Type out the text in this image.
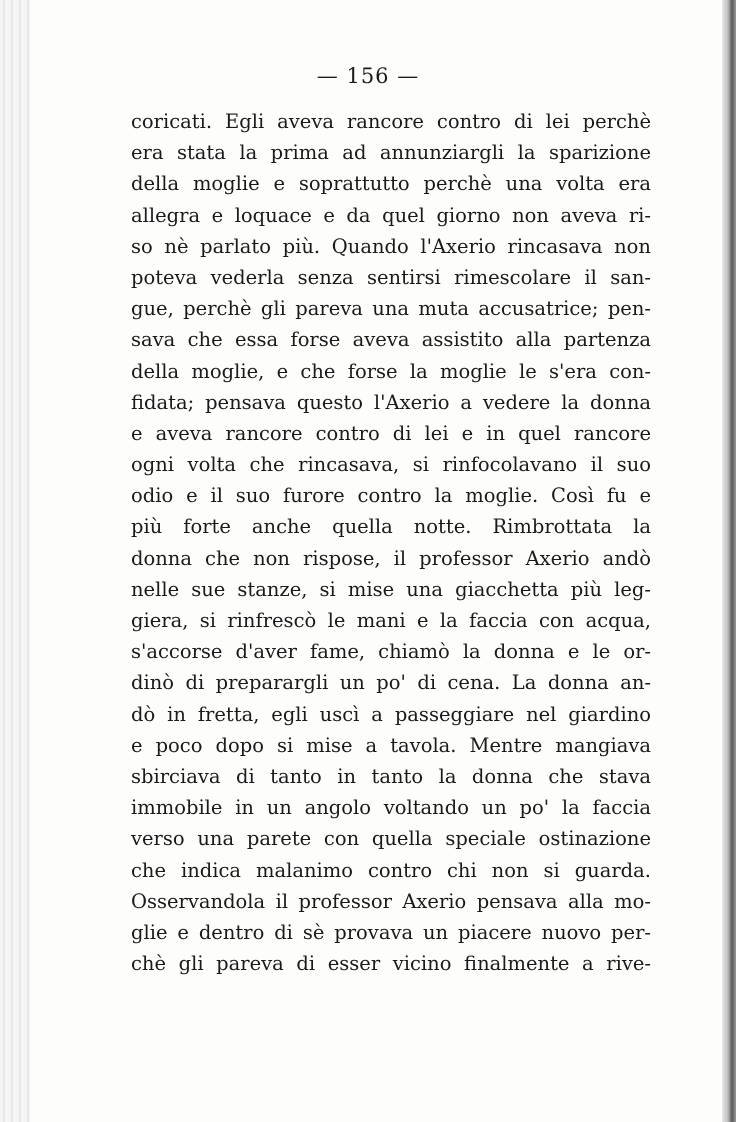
— 156 —
coricati. Egli aveva rancore contro di lei perchè
era stata la prima ad annunziargli la sparizione
della moglie e soprattutto perchè una volta era
allegra e loquace e da quel giorno non aveva ri-
so nè parlato più. Quando l'Axerio rincasava non
poteva vederla senza sentirsi rimescolare il san-
gue, perchè gli pareva una muta accusatrice; pen-
sava che essa forse aveva assistito alla partenza
della moglie, e che forse la moglie le s'era con-
fidata; pensava questo l'Axerio a vedere la donna
e aveva rancore contro di lei e in quel rancore
ogni volta che rincasava, si rinfocolavano il suo
odio e il suo furore contro la moglie. Così fu e
più forte anche quella notte. Rimbrottata la
donna che non rispose, il professor Axerio andò
nelle sue stanze, si mise una giacchetta più leg-
giera, si rinfrescò le mani e la faccia con acqua,
s'accorse d'aver fame, chiamò la donna e le or-
dinò di preparargli un po' di cena. La donna an-
dò in fretta, egli uscì a passeggiare nel giardino
e poco dopo si mise a tavola. Mentre mangiava
sbirciava di tanto in tanto la donna che stava
immobile in un angolo voltando un po' la faccia
verso una parete con quella speciale ostinazione
che indica malanimo contro chi non si guarda.
Osservandola il professor Axerio pensava alla mo-
glie e dentro di sè provava un piacere nuovo per-
chè gli pareva di esser vicino finalmente a rive-
